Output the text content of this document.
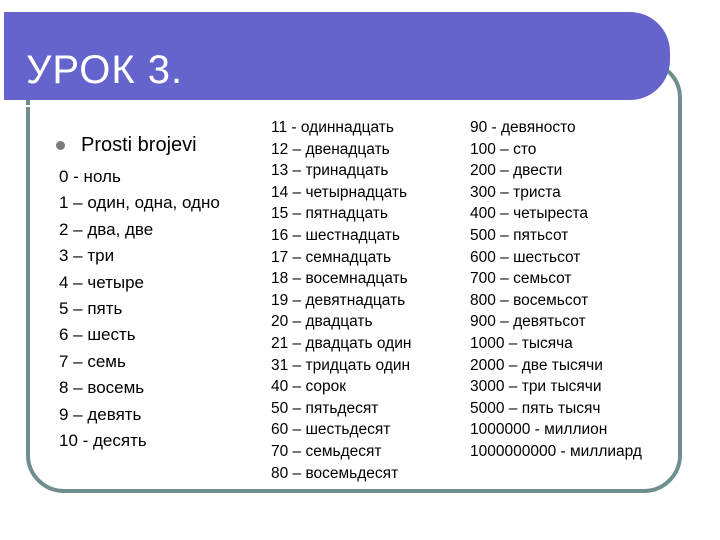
УРОК 3.
Prosti brojevi
0 - ноль
1 – один, одна, одно
2 – два, две
3 – три
4 – четыре
5 – пять
6 – шесть
7 – семь
8 – восемь
9 – девять
10 - десять
11 - одиннадцать
12 – двенадцать
13 – тринадцать
14 – четырнадцать
15 – пятнадцать
16 – шестнадцать
17 – семнадцать
18 – восемнадцать
19 – девятнадцать
20 – двадцать
21 – двадцать один
31 – тридцать один
40 – сорок
50 – пятьдесят
60 – шестьдесят
70 – семьдесят
80 – восемьдесят
90 - девяносто
100 – сто
200 – двести
300 – триста
400 – четыреста
500 – пятьсот
600 – шестьсот
700 – семьсот
800 – восемьсот
900 – девятьсот
1000 – тысяча
2000 – две тысячи
3000 – три тысячи
5000 – пять тысяч
1000000 - миллион
1000000000 - миллиард
